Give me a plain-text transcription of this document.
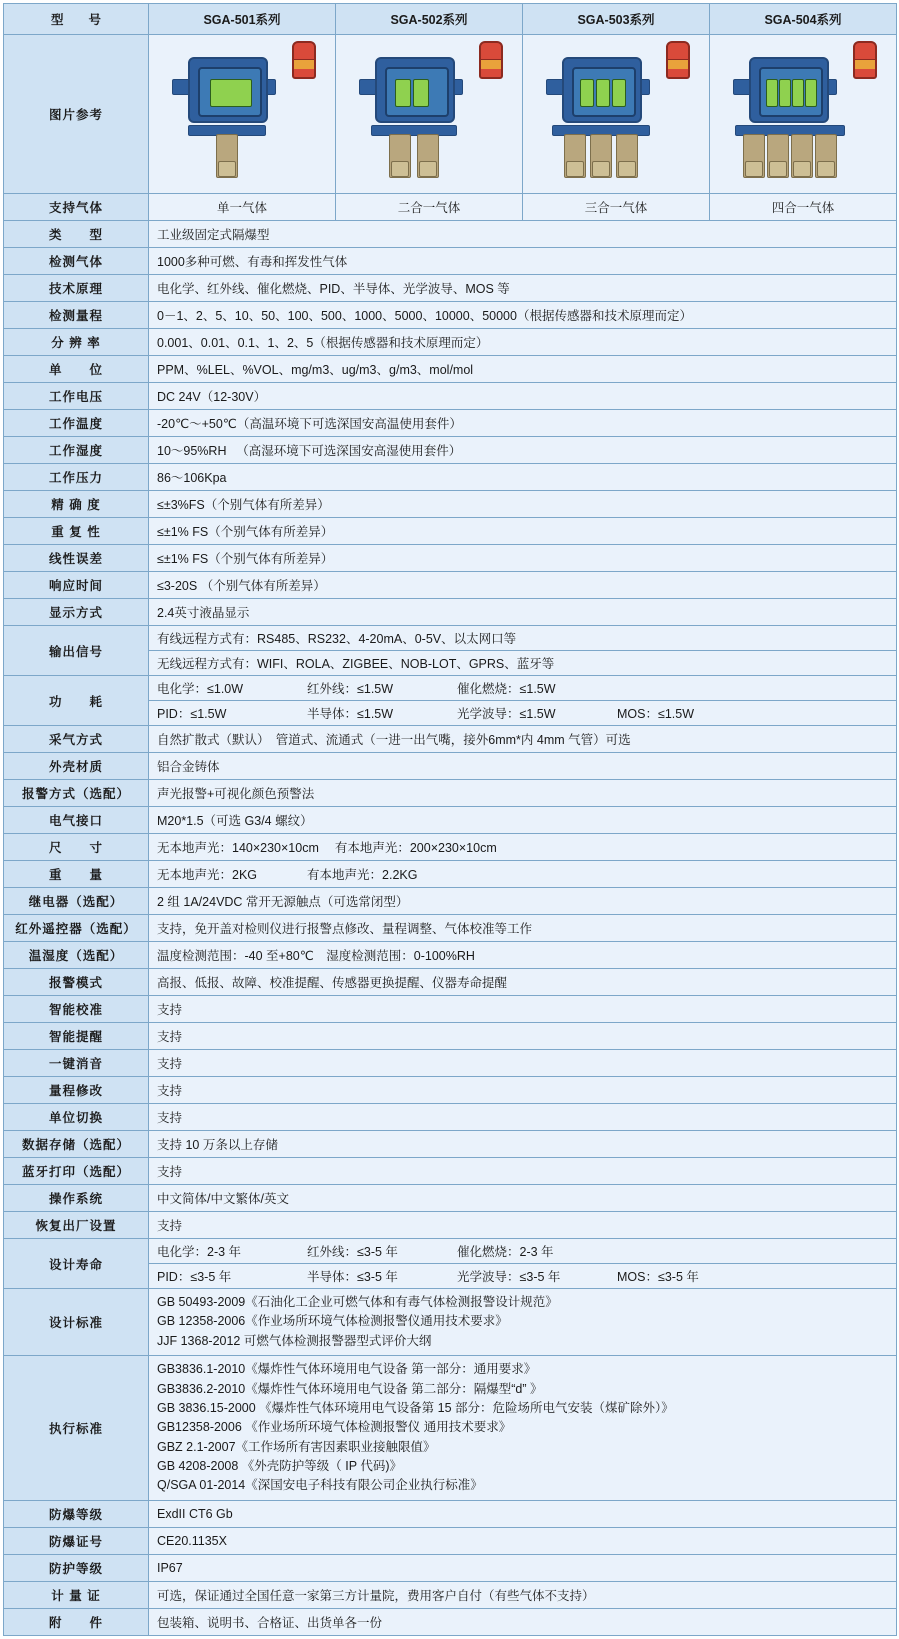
型　　号	SGA-501系列	SGA-502系列	SGA-503系列	SGA-504系列
图片参考	

支持气体	单一气体	二合一气体	三合一气体	四合一气体
类　　型	工业级固定式隔爆型			
检测气体	1000多种可燃、有毒和挥发性气体			
技术原理	电化学、红外线、催化燃烧、PID、半导体、光学波导、MOS 等			
检测量程	0－1、2、5、10、50、100、500、1000、5000、10000、50000（根据传感器和技术原理而定）			
分 辨 率	0.001、0.01、0.1、1、2、5（根据传感器和技术原理而定）			
单　　位	PPM、%LEL、%VOL、mg/m3、ug/m3、g/m3、mol/mol			
工作电压	DC 24V（12-30V）			
工作温度	-20℃～+50℃（高温环境下可选深国安高温使用套件）			
工作湿度	10～95%RH 　（高湿环境下可选深国安高湿使用套件）			
工作压力	86～106Kpa			
精 确 度	≤±3%FS（个别气体有所差异）			
重 复 性	≤±1% FS（个别气体有所差异）			
线性误差	≤±1% FS（个别气体有所差异）			
响应时间	≤3-20S （个别气体有所差异）			
显示方式	2.4英寸液晶显示			
输出信号	有线远程方式有：RS485、RS232、4-20mA、0-5V、以太网口等
无线远程方式有：WIFI、ROLA、ZIGBEE、NOB-LOT、GPRS、蓝牙等			

功　　耗	电化学：≤1.0W 红外线：≤1.5W 催化燃烧：≤1.5W
PID：≤1.5W 半导体：≤1.5W 光学波导：≤1.5W MOS：≤1.5W			

采气方式	自然扩散式（默认）　管道式、流通式（一进一出气嘴，接外6mm*内 4mm 气管）可选			
外壳材质	铝合金铸体			
报警方式（选配）	声光报警+可视化颜色预警法			
电气接口	M20*1.5（可选 G3/4 螺纹）			
尺　　寸	无本地声光：140×230×10cm　 有本地声光：200×230×10cm			
重　　量	无本地声光：2KG　　　　有本地声光：2.2KG			
继电器（选配）	2 组 1A/24VDC 常开无源触点（可选常闭型）			
红外遥控器（选配）	支持，免开盖对检则仪进行报警点修改、量程调整、气体校准等工作			
温湿度（选配）	温度检测范围：-40 至+80℃　湿度检测范围：0-100%RH			
报警模式	高报、低报、故障、校准提醒、传感器更换提醒、仪器寿命提醒			
智能校准	支持			
智能提醒	支持			
一键消音	支持			
量程修改	支持			
单位切换	支持			
数据存储（选配）	支持 10 万条以上存储			
蓝牙打印（选配）	支持			
操作系统	中文简体/中文繁体/英文			
恢复出厂设置	支持			
设计寿命	电化学：2-3 年 红外线：≤3-5 年 催化燃烧：2-3 年
PID：≤3-5 年 半导体：≤3-5 年 光学波导：≤3-5 年 MOS：≤3-5 年			

设计标准	GB 50493-2009《石油化工企业可燃气体和有毒气体检测报警设计规范》
GB 12358-2006《作业场所环境气体检测报警仪通用技术要求》
JJF 1368-2012 可燃气体检测报警器型式评价大纲			

执行标准	
GB3836.1-2010《爆炸性气体环境用电气设备 第一部分：通用要求》
GB3836.2-2010《爆炸性气体环境用电气设备 第二部分：隔爆型“d” 》
GB 3836.15-2000 《爆炸性气体环境用电气设备第 15 部分：危险场所电气安装（煤矿除外）》
GB12358-2006 《作业场所环境气体检测报警仪 通用技术要求》
GBZ 2.1-2007《工作场所有害因素职业接触限值》
GB 4208-2008 《外壳防护等级（ IP 代码)》
Q/SGA 01-2014《深国安电子科技有限公司企业执行标准》

防爆等级	ExdII CT6 Gb			
防爆证号	CE20.1135X			
防护等级	IP67			
计 量 证	可选，保证通过全国任意一家第三方计量院，费用客户自付（有些气体不支持）			
附　　件	包装箱、说明书、合格证、出货单各一份			
